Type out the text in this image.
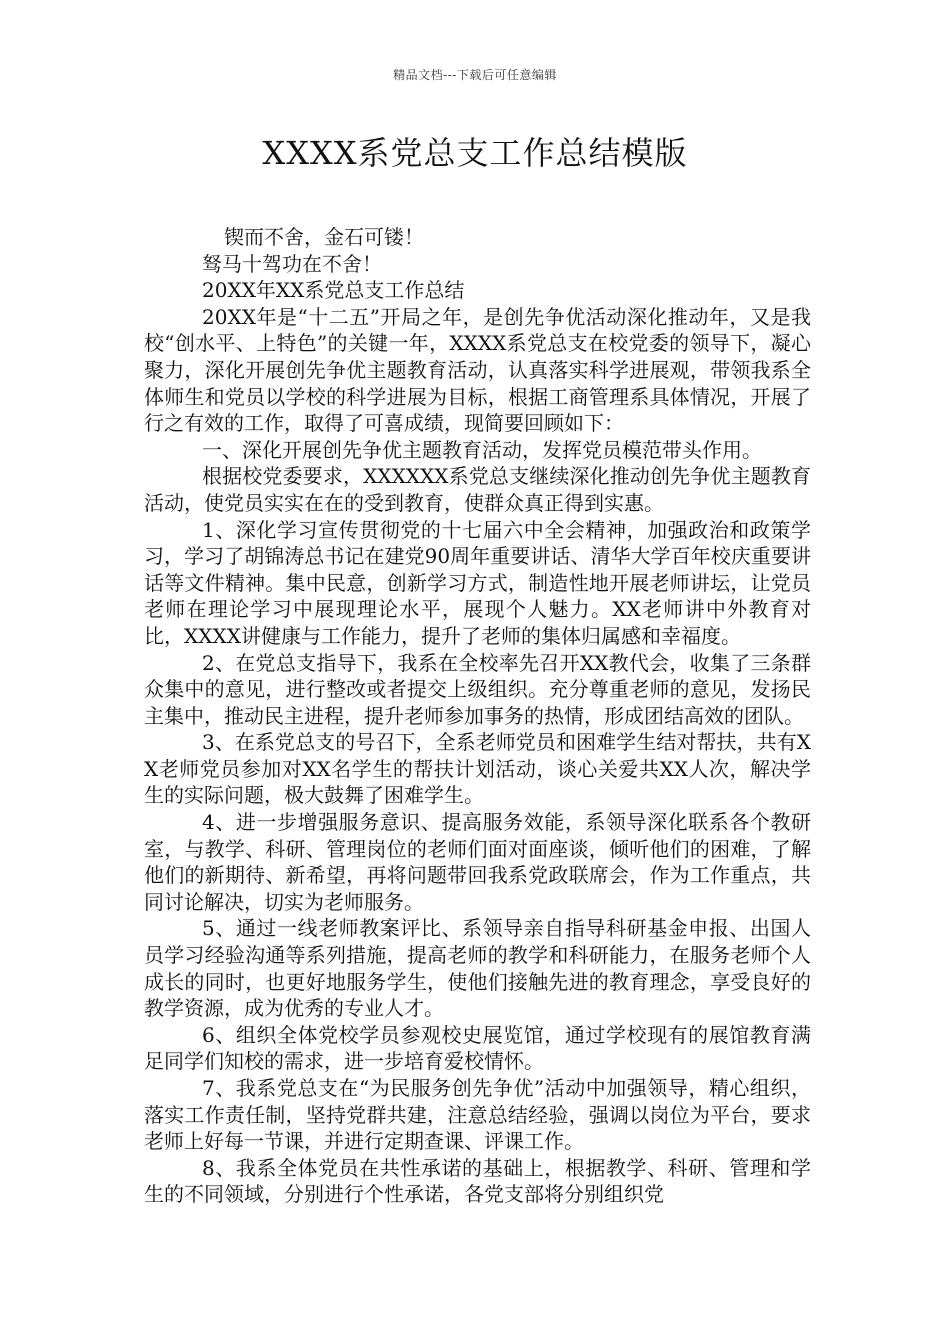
精品文档---下载后可任意编辑
XXXX系党总支工作总结模版

锲而不舍，金石可镂！

驽马十驾功在不舍！

20XX年XX系党总支工作总结

20XX年是“十二五”开局之年，是创先争优活动深化推动年，又是我校“创水平、上特色”的关键一年，XXXX系党总支在校党委的领导下，凝心聚力，深化开展创先争优主题教育活动，认真落实科学进展观，带领我系全体师生和党员以学校的科学进展为目标，根据工商管理系具体情况，开展了行之有效的工作，取得了可喜成绩，现简要回顾如下：

一、深化开展创先争优主题教育活动，发挥党员模范带头作用。

根据校党委要求，XXXXXX系党总支继续深化推动创先争优主题教育活动，使党员实实在在的受到教育，使群众真正得到实惠。

1、深化学习宣传贯彻党的十七届六中全会精神，加强政治和政策学习，学习了胡锦涛总书记在建党90周年重要讲话、清华大学百年校庆重要讲话等文件精神。集中民意，创新学习方式，制造性地开展老师讲坛，让党员老师在理论学习中展现理论水平，展现个人魅力。XX老师讲中外教育对比，XXXX讲健康与工作能力，提升了老师的集体归属感和幸福度。

2、在党总支指导下，我系在全校率先召开XX教代会，收集了三条群众集中的意见，进行整改或者提交上级组织。充分尊重老师的意见，发扬民主集中，推动民主进程，提升老师参加事务的热情，形成团结高效的团队。

3、在系党总支的号召下，全系老师党员和困难学生结对帮扶，共有XX老师党员参加对XX名学生的帮扶计划活动，谈心关爱共XX人次，解决学生的实际问题，极大鼓舞了困难学生。

4、进一步增强服务意识、提高服务效能，系领导深化联系各个教研室，与教学、科研、管理岗位的老师们面对面座谈，倾听他们的困难，了解他们的新期待、新希望，再将问题带回我系党政联席会，作为工作重点，共同讨论解决，切实为老师服务。

5、通过一线老师教案评比、系领导亲自指导科研基金申报、出国人员学习经验沟通等系列措施，提高老师的教学和科研能力，在服务老师个人成长的同时，也更好地服务学生，使他们接触先进的教育理念，享受良好的教学资源，成为优秀的专业人才。

6、组织全体党校学员参观校史展览馆，通过学校现有的展馆教育满足同学们知校的需求，进一步培育爱校情怀。

7、我系党总支在“为民服务创先争优”活动中加强领导，精心组织，落实工作责任制，坚持党群共建，注意总结经验，强调以岗位为平台，要求老师上好每一节课，并进行定期查课、评课工作。

8、我系全体党员在共性承诺的基础上，根据教学、科研、管理和学生的不同领域，分别进行个性承诺，各党支部将分别组织党
